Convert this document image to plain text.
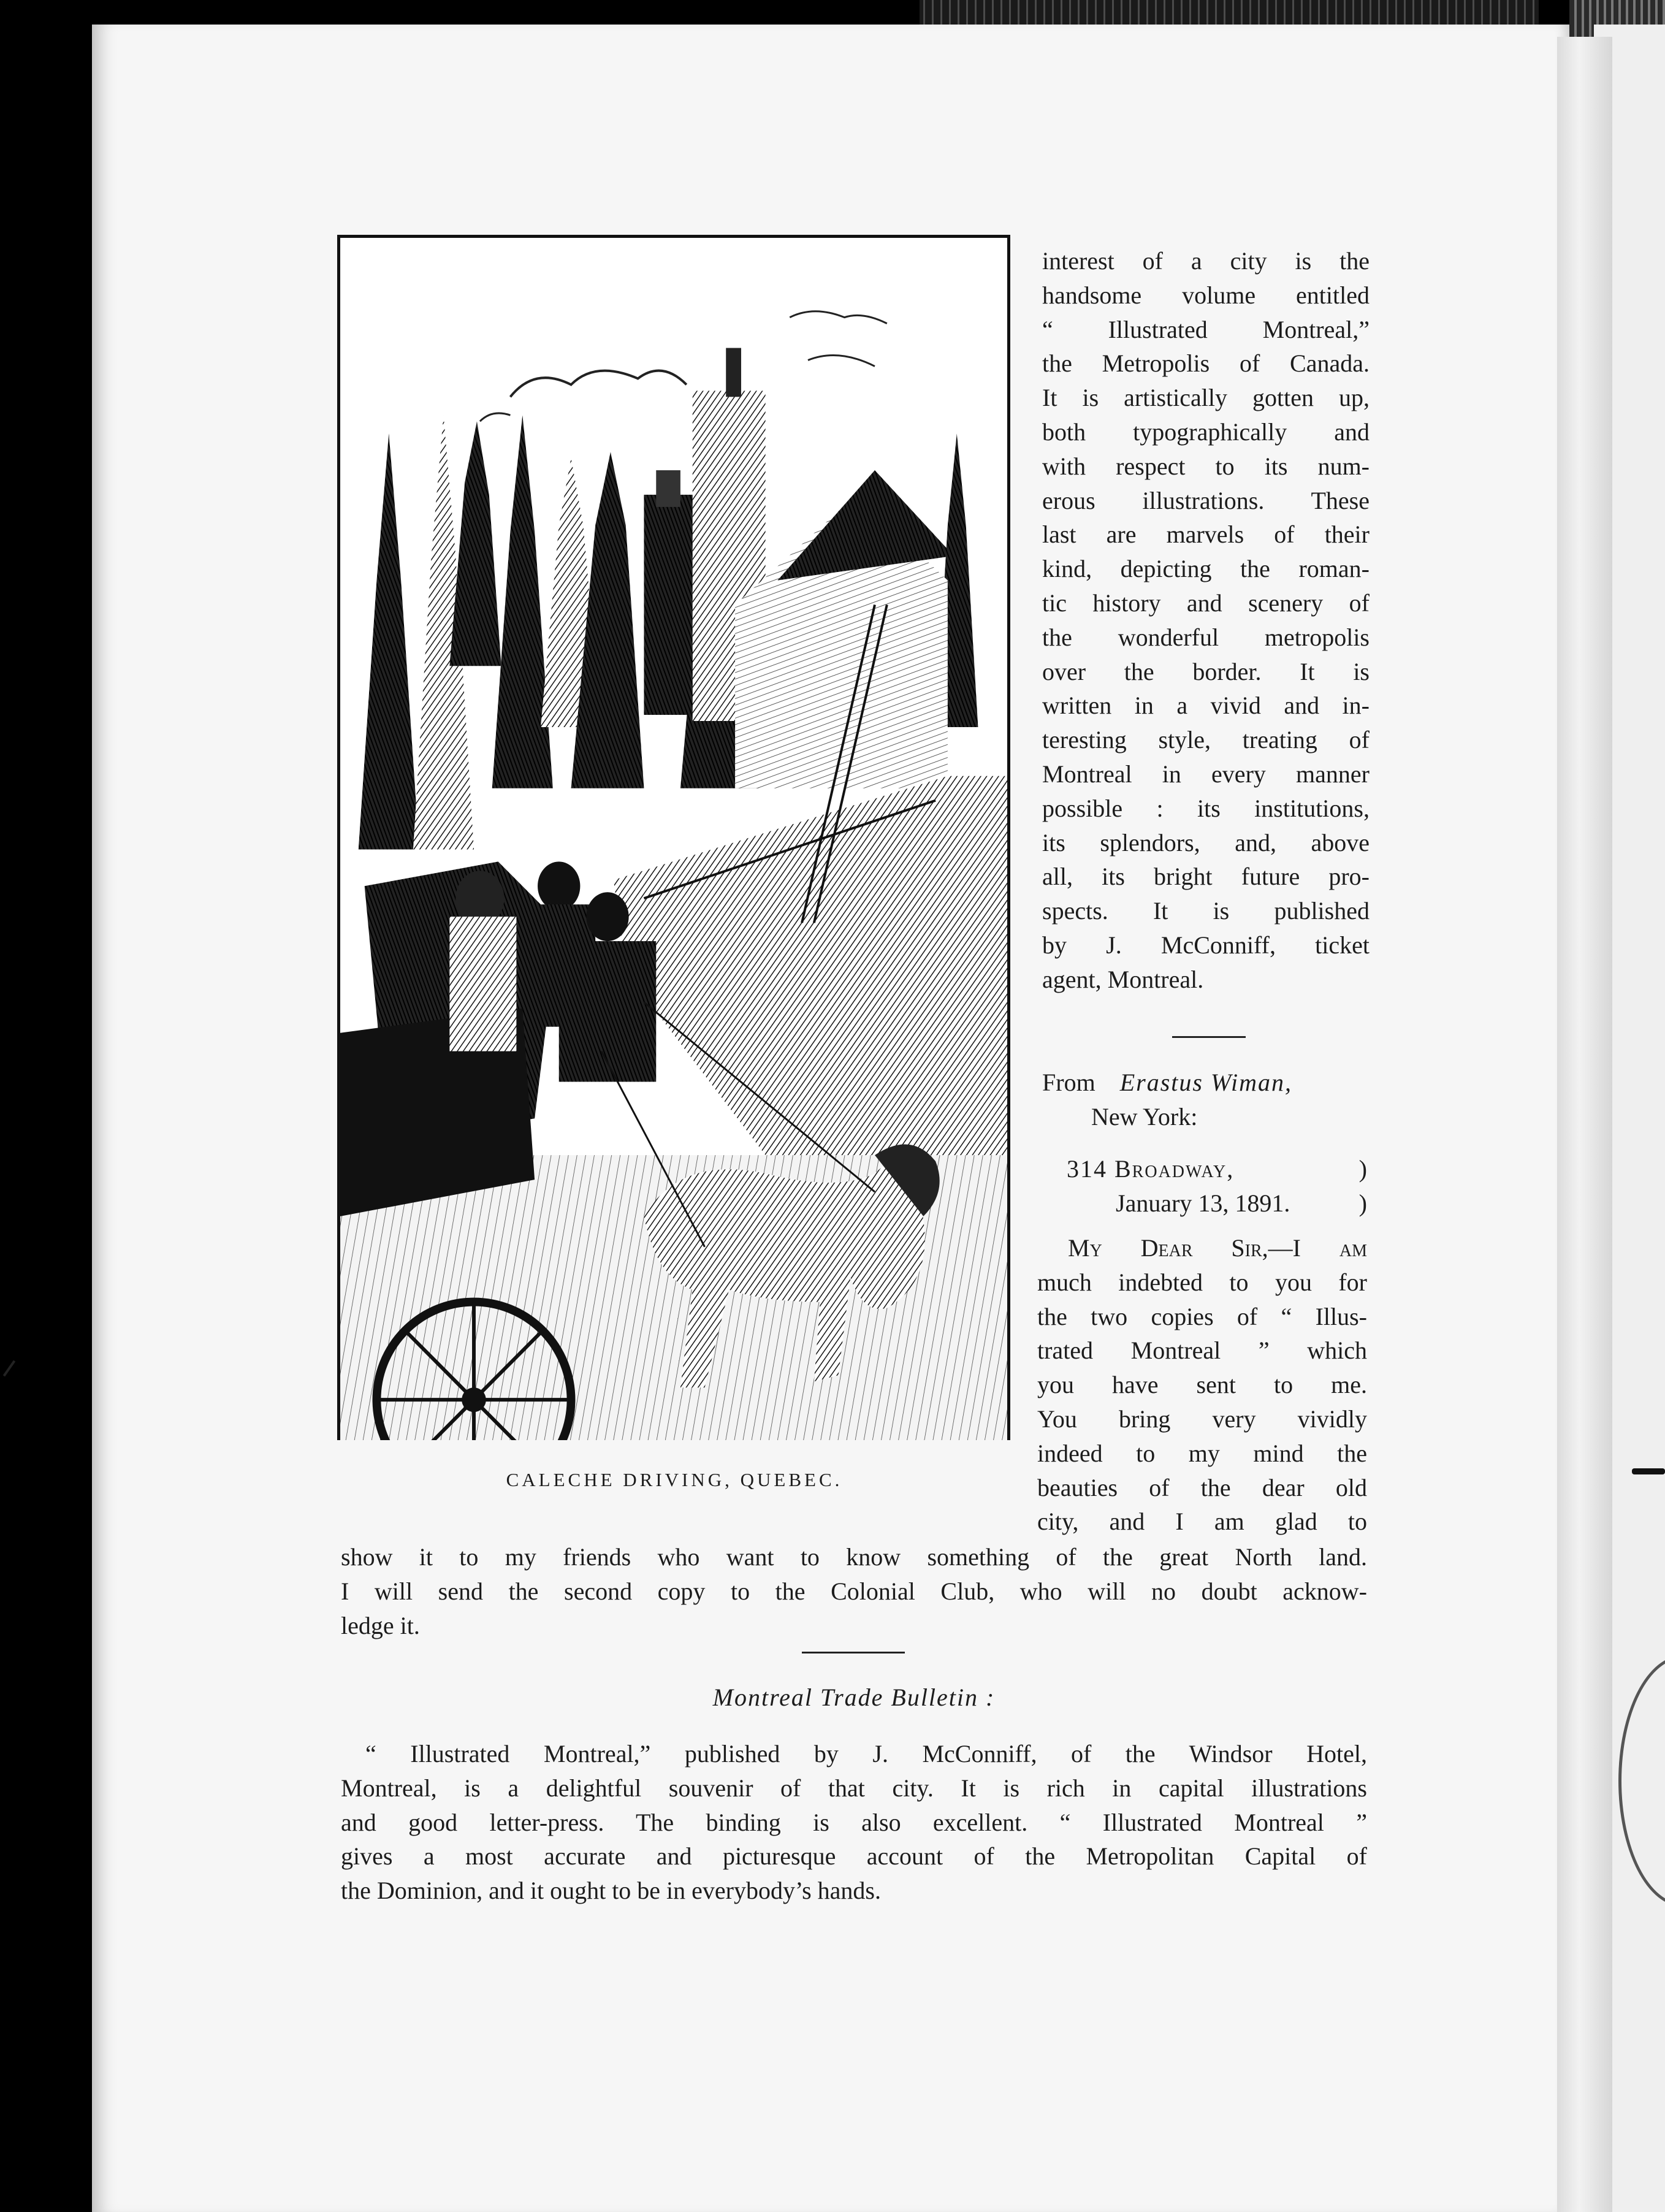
CALECHE DRIVING, QUEBEC.
interest of a city is the
handsome volume entitled
“ Illustrated Montreal,”
the Metropolis of Canada.
It is artistically gotten up,
both typographically and
with respect to its num-
erous illustrations. These
last are marvels of their
kind, depicting the roman-
tic history and scenery of
the wonderful metropolis
over the border. It is
written in a vivid and in-
teresting style, treating of
Montreal in every manner
possible : its institutions,
its splendors, and, above
all, its bright future pro-
spects. It is published
by J. McConniff, ticket
agent, Montreal.
From Erastus Wiman,
New York:
314 Broadway,	)
January 13, 1891.	)
My Dear Sir,—I am
much indebted to you for
the two copies of “ Illus-
trated Montreal ” which
you have sent to me.
You bring very vividly
indeed to my mind the
beauties of the dear old
city, and I am glad to
show it to my friends who want to know something of the great North land.
I will send the second copy to the Colonial Club, who will no doubt acknow-
ledge it.
Montreal Trade Bulletin :
“ Illustrated Montreal,” published by J. McConniff, of the Windsor Hotel,
Montreal, is a delightful souvenir of that city. It is rich in capital illustrations
and good letter-press. The binding is also excellent. “ Illustrated Montreal ”
gives a most accurate and picturesque account of the Metropolitan Capital of
the Dominion, and it ought to be in everybody’s hands.
